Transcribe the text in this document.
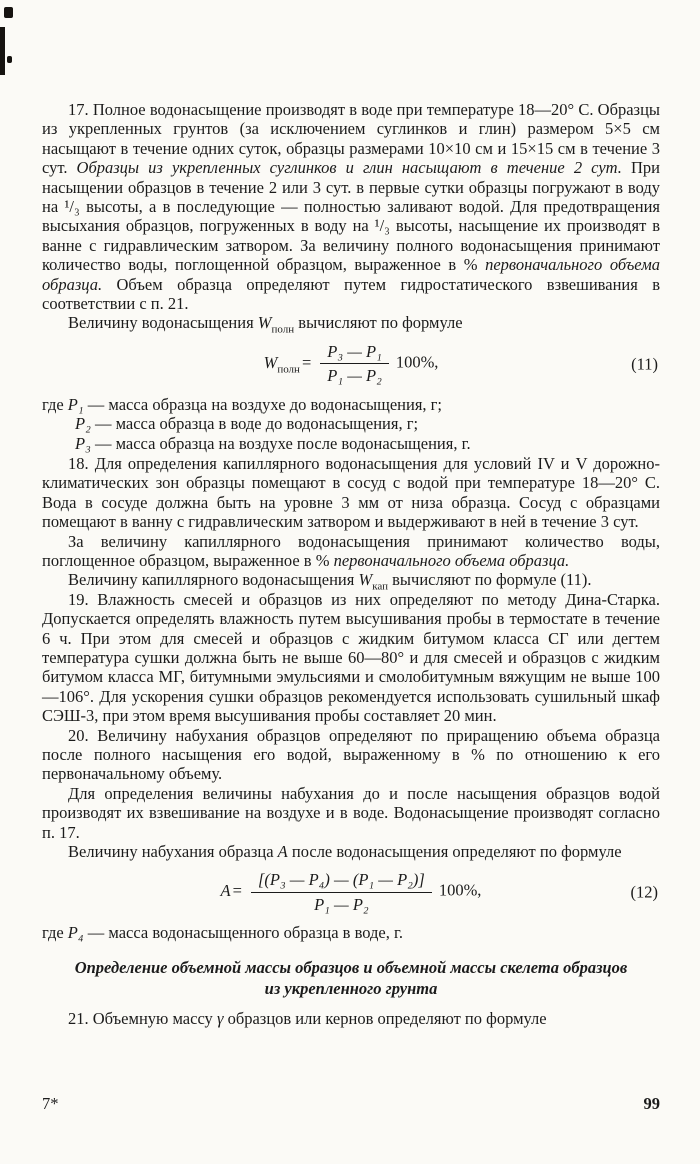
17. Полное водонасыщение производят в воде при температуре 18—20° С. Образцы из укрепленных грунтов (за исключением суглинков и глин) размером 5×5 см насыщают в течение одних суток, образцы размерами 10×10 см и 15×15 см в течение 3 сут. Образцы из укрепленных суглинков и глин насыщают в течение 2 сут. При насыщении образцов в течение 2 или 3 сут. в первые сутки образцы погружают в воду на ¹/₃ высоты, а в последующие — полностью заливают водой. Для предотвращения высыхания образцов, погруженных в воду на ¹/₃ высоты, насыщение их производят в ванне с гидравлическим затвором. За величину полного водонасыщения принимают количество воды, поглощенной образцом, выраженное в % первоначального объема образца. Объем образца определяют путем гидростатического взвешивания в соответствии с п. 21.

Величину водонасыщения $W_{полн}$ вычисляют по формуле

$W_{полн} = \frac{\text{P₃ — P₁}}{\text{P₁ — P₂}} 100\%$,	(11)
где P₁ — масса образца на воздухе до водонасыщения, г;
P₂ — масса образца в воде до водонасыщения, г;
P₃ — масса образца на воздухе после водонасыщения, г.

18. Для определения капиллярного водонасыщения для условий IV и V дорожно-климатических зон образцы помещают в сосуд с водой при температуре 18—20° С. Вода в сосуде должна быть на уровне 3 мм от низа образца. Сосуд с образцами помещают в ванну с гидравлическим затвором и выдерживают в ней в течение 3 сут.

За величину капиллярного водонасыщения принимают количество воды, поглощенное образцом, выраженное в % первоначального объема образца.

Величину капиллярного водонасыщения $W_{кап}$ вычисляют по формуле (11).

19. Влажность смесей и образцов из них определяют по методу Дина-Старка. Допускается определять влажность путем высушивания пробы в термостате в течение 6 ч. При этом для смесей и образцов с жидким битумом класса СГ или дегтем температура сушки должна быть не выше 60—80° и для смесей и образцов с жидким битумом класса МГ, битумными эмульсиями и смолобитумным вяжущим не выше 100—106°. Для ускорения сушки образцов рекомендуется использовать сушильный шкаф СЭШ-3, при этом время высушивания пробы составляет 20 мин.

20. Величину набухания образцов определяют по приращению объема образца после полного насыщения его водой, выраженному в % по отношению к его первоначальному объему.

Для определения величины набухания до и после насыщения образцов водой производят их взвешивание на воздухе и в воде. Водонасыщение производят согласно п. 17.

Величину набухания образца A после водонасыщения определяют по формуле

$A = \frac{\text{[(P₃ — P₄) — (P₁ — P₂)]}}{\text{P₁ — P₂}} 100\%$,	(12)
где P₄ — масса водонасыщенного образца в воде, г.
Определение объемной массы образцов и объемной массы скелета образцов из укрепленного грунта

21. Объемную массу γ образцов или кернов определяют по формуле

7*	99
